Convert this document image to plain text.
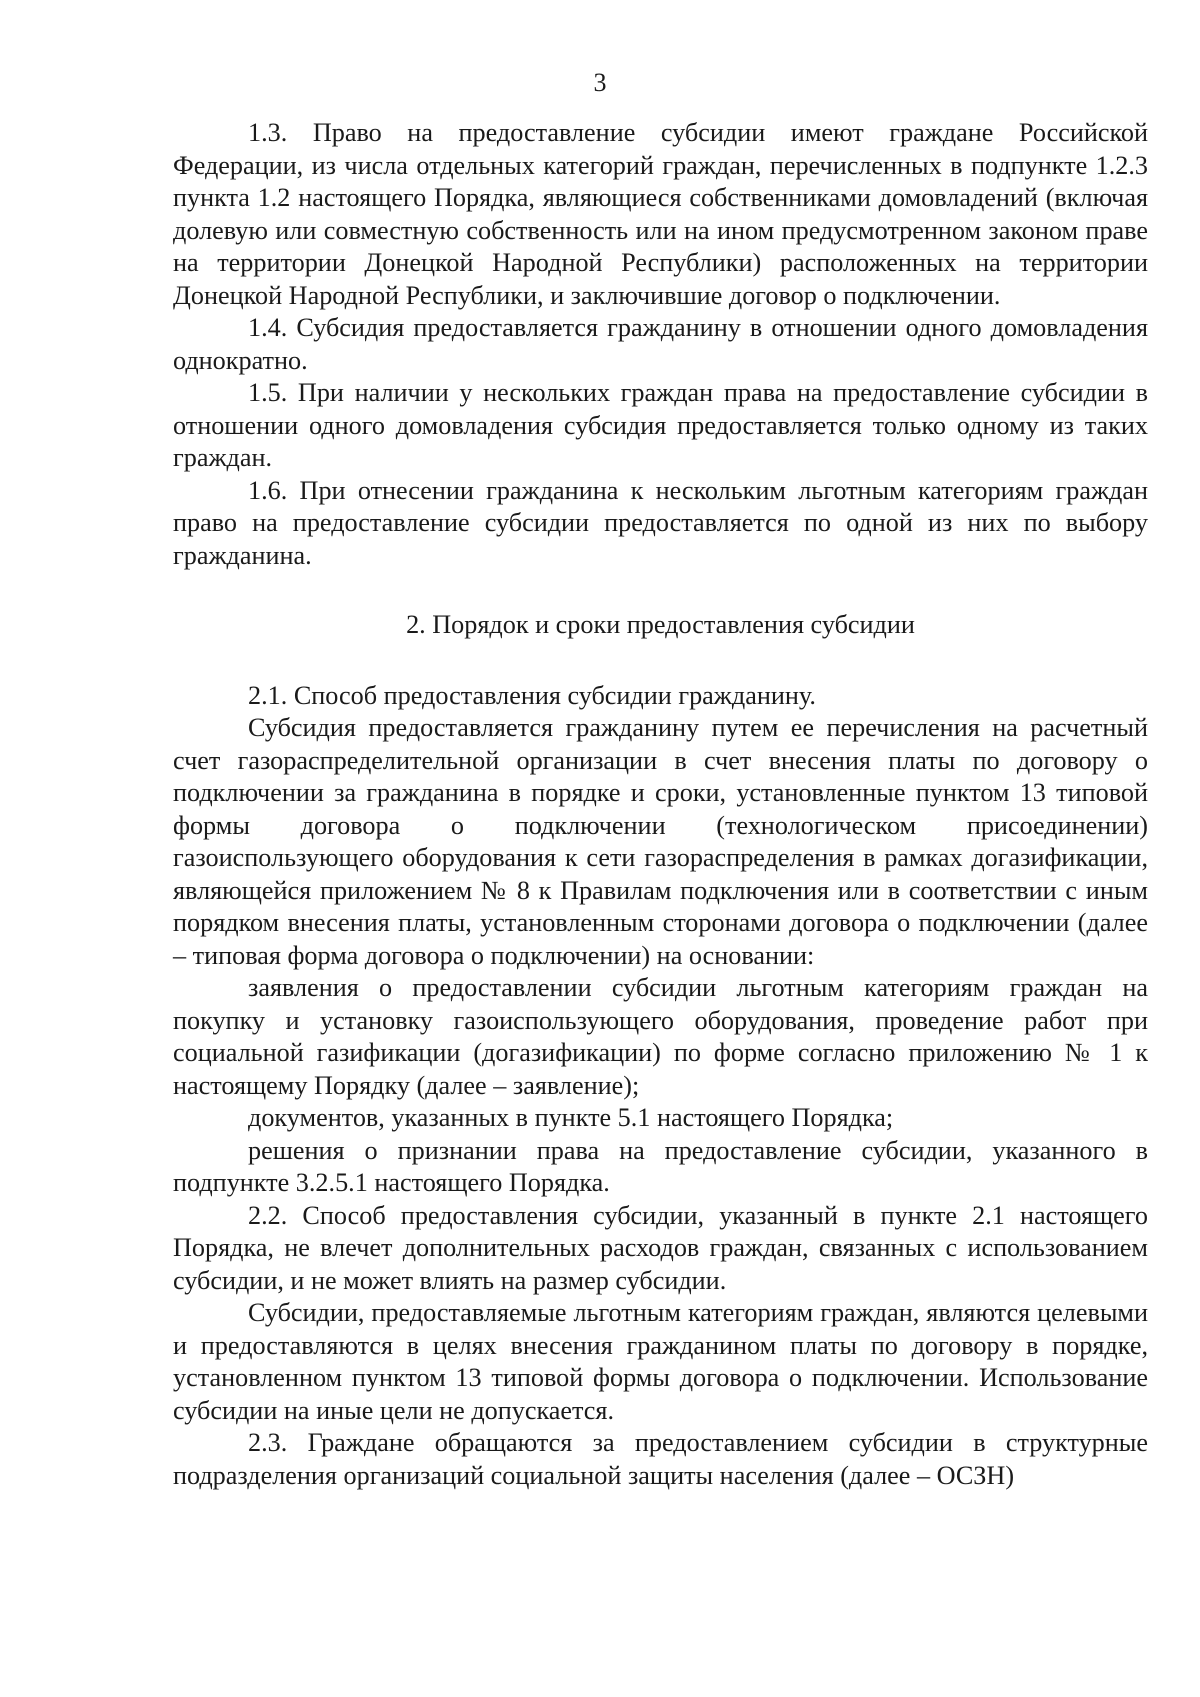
3

1.3. Право на предоставление субсидии имеют граждане Российской Федерации, из числа отдельных категорий граждан, перечисленных в подпункте 1.2.3 пункта 1.2 настоящего Порядка, являющиеся собственниками домовладений (включая долевую или совместную собственность или на ином предусмотренном законом праве на территории Донецкой Народной Республики) расположенных на территории Донецкой Народной Республики, и заключившие договор о подключении.

1.4. Субсидия предоставляется гражданину в отношении одного домовладения однократно.

1.5. При наличии у нескольких граждан права на предоставление субсидии в отношении одного домовладения субсидия предоставляется только одному из таких граждан.

1.6. При отнесении гражданина к нескольким льготным категориям граждан право на предоставление субсидии предоставляется по одной из них по выбору гражданина.

2. Порядок и сроки предоставления субсидии

2.1. Способ предоставления субсидии гражданину.

Субсидия предоставляется гражданину путем ее перечисления на расчетный счет газораспределительной организации в счет внесения платы по договору о подключении за гражданина в порядке и сроки, установленные пунктом 13 типовой формы договора о подключении (технологическом присоединении) газоиспользующего оборудования к сети газораспределения в рамках догазификации, являющейся приложением № 8 к Правилам подключения или в соответствии с иным порядком внесения платы, установленным сторонами договора о подключении (далее – типовая форма договора о подключении) на основании:

заявления о предоставлении субсидии льготным категориям граждан на покупку и установку газоиспользующего оборудования, проведение работ при социальной газификации (догазификации) по форме согласно приложению № 1 к настоящему Порядку (далее – заявление);

документов, указанных в пункте 5.1 настоящего Порядка;

решения о признании права на предоставление субсидии, указанного в подпункте 3.2.5.1 настоящего Порядка.

2.2. Способ предоставления субсидии, указанный в пункте 2.1 настоящего Порядка, не влечет дополнительных расходов граждан, связанных с использованием субсидии, и не может влиять на размер субсидии.

Субсидии, предоставляемые льготным категориям граждан, являются целевыми и предоставляются в целях внесения гражданином платы по договору в порядке, установленном пунктом 13 типовой формы договора о подключении. Использование субсидии на иные цели не допускается.

2.3. Граждане обращаются за предоставлением субсидии в структурные подразделения организаций социальной защиты населения (далее – ОСЗН)
